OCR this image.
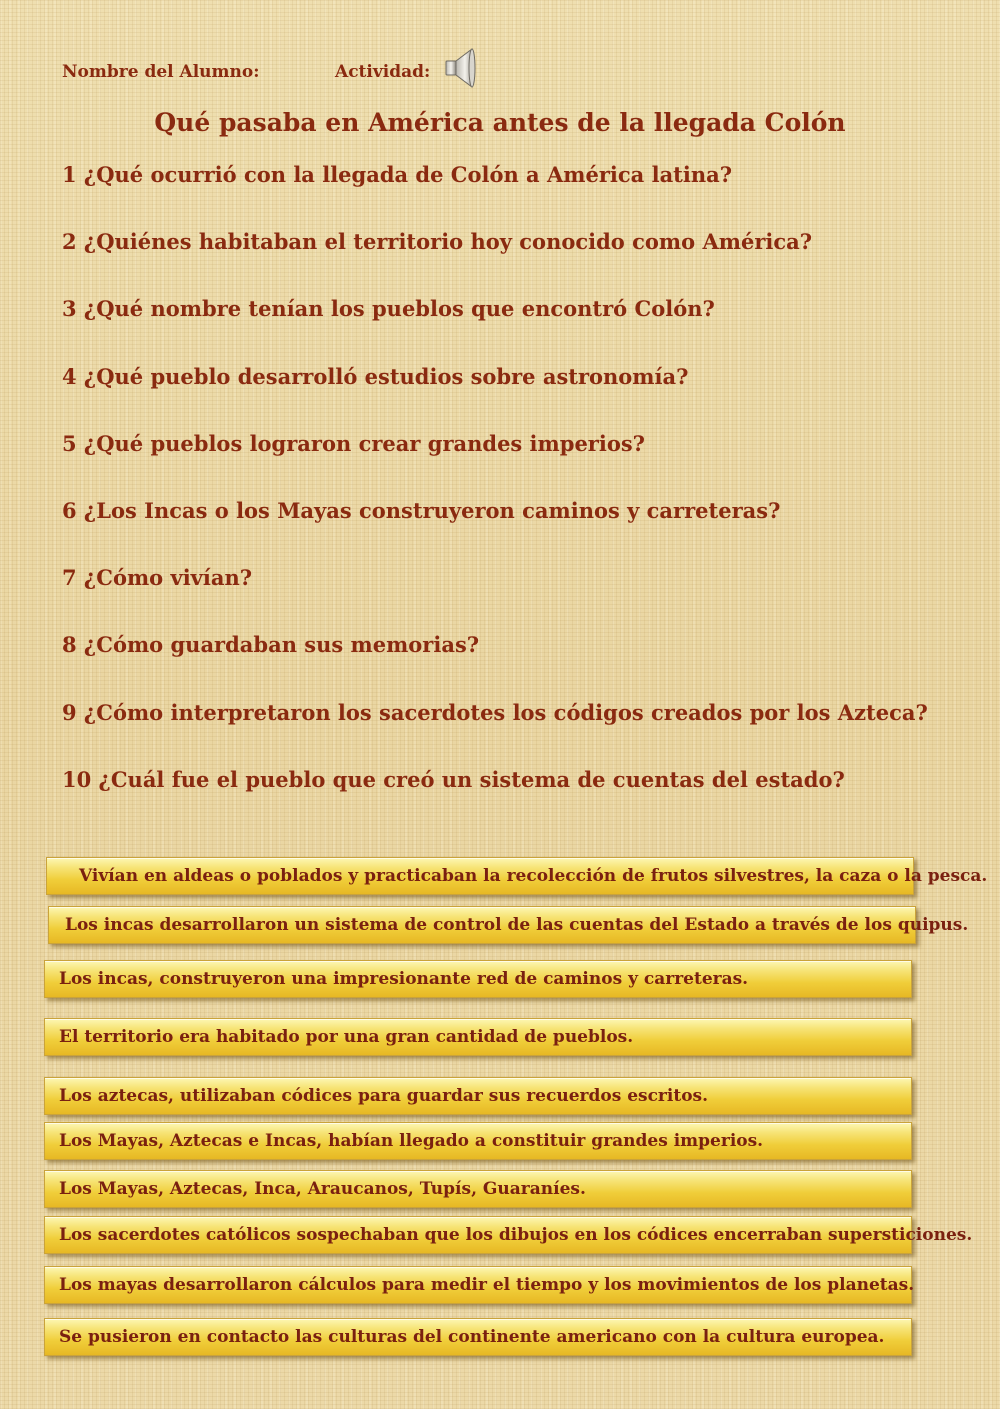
Nombre del Alumno:	Actividad:
Qué pasaba en América antes de la llegada Colón
1 ¿Qué ocurrió con la llegada de Colón a América latina?
2 ¿Quiénes habitaban el territorio hoy conocido como América?
3 ¿Qué nombre tenían los pueblos que encontró Colón?
4 ¿Qué pueblo desarrolló estudios sobre astronomía?
5 ¿Qué pueblos lograron crear grandes imperios?
6 ¿Los Incas o los Mayas construyeron caminos y carreteras?
7 ¿Cómo vivían?
8 ¿Cómo guardaban sus memorias?
9 ¿Cómo interpretaron los sacerdotes los códigos creados por los Azteca?
10 ¿Cuál fue el pueblo que creó un sistema de cuentas del estado?
Vivían en aldeas o poblados y practicaban la recolección de frutos silvestres, la caza o la pesca.
Los incas desarrollaron un sistema de control de las cuentas del Estado a través de los quipus.
Los incas, construyeron una impresionante red de caminos y carreteras.
El territorio era habitado por una gran cantidad de pueblos.
Los aztecas, utilizaban códices para guardar sus recuerdos escritos.
Los Mayas, Aztecas e Incas, habían llegado a constituir grandes imperios.
Los Mayas, Aztecas, Inca, Araucanos, Tupís, Guaraníes.
Los sacerdotes católicos sospechaban que los dibujos en los códices encerraban supersticiones.
Los mayas desarrollaron cálculos para medir el tiempo y los movimientos de los planetas.
Se pusieron en contacto las culturas del continente americano con la cultura europea.
